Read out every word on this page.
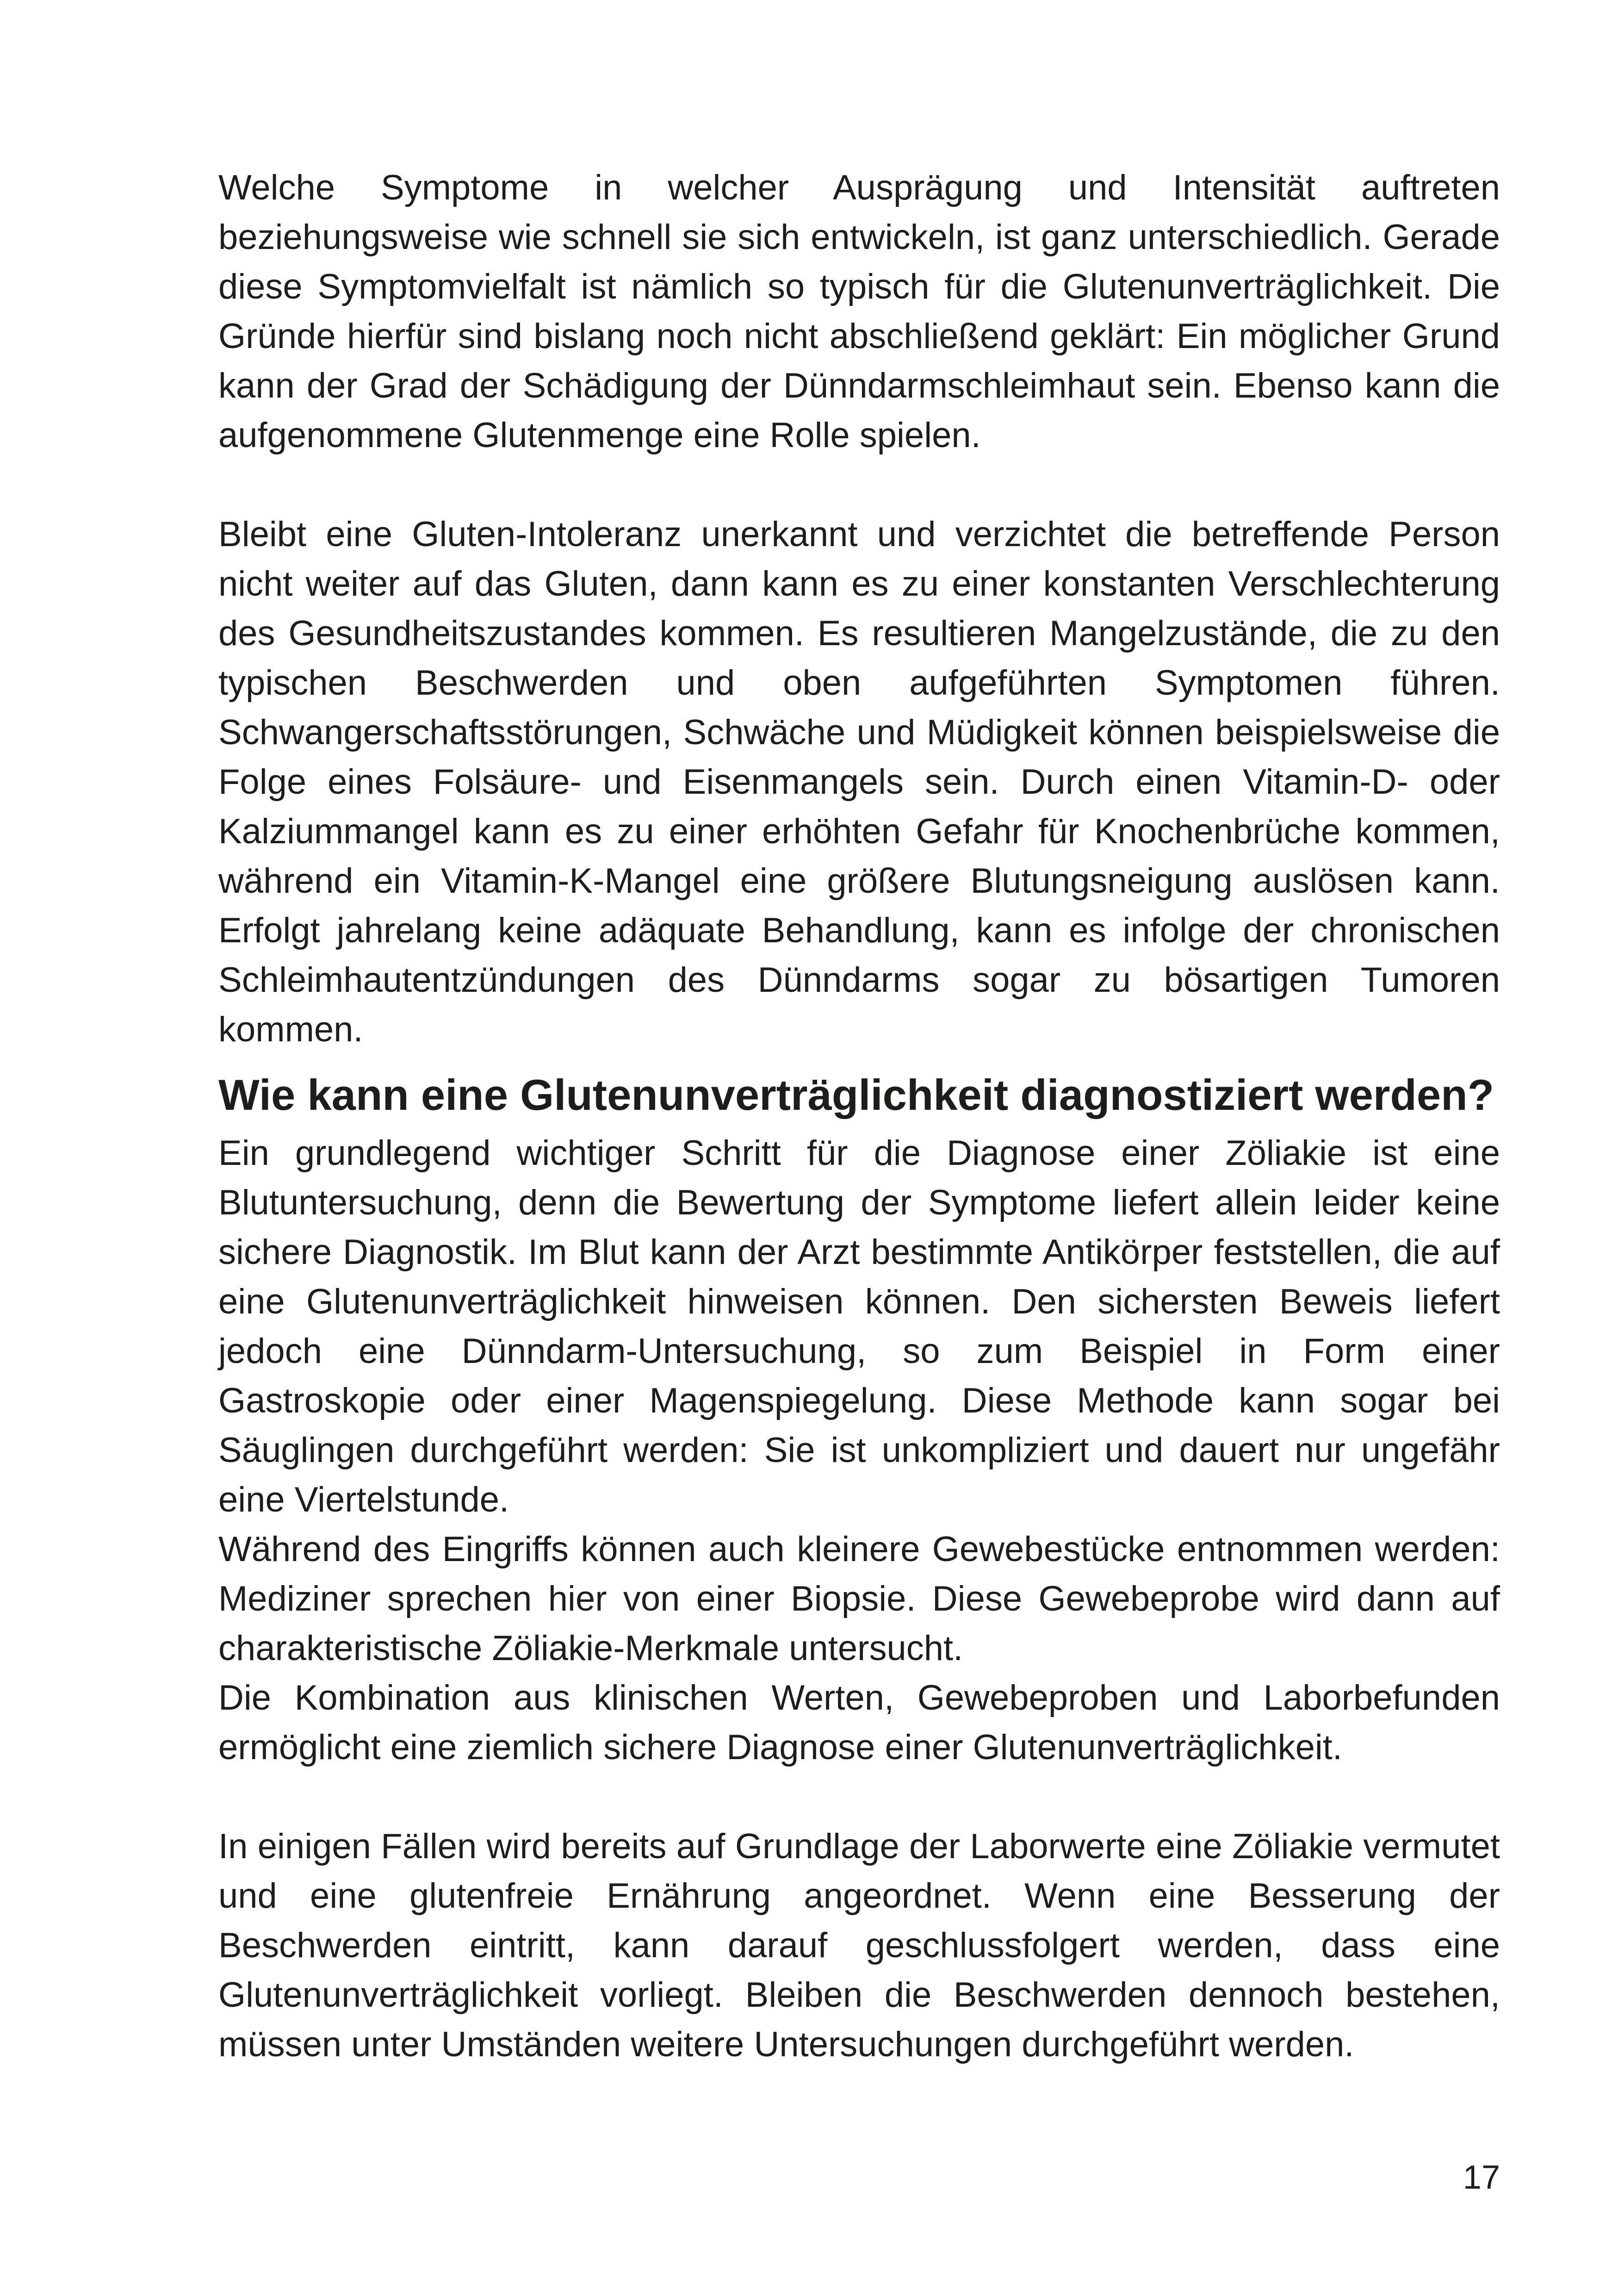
Welche Symptome in welcher Ausprägung und Intensität auftreten beziehungsweise wie schnell sie sich entwickeln, ist ganz unterschiedlich. Gerade diese Symptomvielfalt ist nämlich so typisch für die Glutenunverträglichkeit. Die Gründe hierfür sind bislang noch nicht abschließend geklärt: Ein möglicher Grund kann der Grad der Schädigung der Dünndarmschleimhaut sein. Ebenso kann die aufgenommene Glutenmenge eine Rolle spielen.

Bleibt eine Gluten-Intoleranz unerkannt und verzichtet die betreffende Person nicht weiter auf das Gluten, dann kann es zu einer konstanten Verschlechterung des Gesundheitszustandes kommen. Es resultieren Mangelzustände, die zu den typischen Beschwerden und oben aufgeführten Symptomen führen. Schwangerschaftsstörungen, Schwäche und Müdigkeit können beispielsweise die Folge eines Folsäure- und Eisenmangels sein. Durch einen Vitamin-D- oder Kalziummangel kann es zu einer erhöhten Gefahr für Knochenbrüche kommen, während ein Vitamin-K-Mangel eine größere Blutungsneigung auslösen kann. Erfolgt jahrelang keine adäquate Behandlung, kann es infolge der chronischen Schleimhautentzündungen des Dünndarms sogar zu bösartigen Tumoren kommen.

Wie kann eine Glutenunverträglichkeit diagnostiziert werden?

Ein grundlegend wichtiger Schritt für die Diagnose einer Zöliakie ist eine Blutuntersuchung, denn die Bewertung der Symptome liefert allein leider keine sichere Diagnostik. Im Blut kann der Arzt bestimmte Antikörper feststellen, die auf eine Glutenunverträglichkeit hinweisen können. Den sichersten Beweis liefert jedoch eine Dünndarm-Untersuchung, so zum Beispiel in Form einer Gastroskopie oder einer Magenspiegelung. Diese Methode kann sogar bei Säuglingen durchgeführt werden: Sie ist unkompliziert und dauert nur ungefähr eine Viertelstunde.

Während des Eingriffs können auch kleinere Gewebestücke entnommen werden: Mediziner sprechen hier von einer Biopsie. Diese Gewebeprobe wird dann auf charakteristische Zöliakie-Merkmale untersucht.

Die Kombination aus klinischen Werten, Gewebeproben und Laborbefunden ermöglicht eine ziemlich sichere Diagnose einer Glutenunverträglichkeit.

In einigen Fällen wird bereits auf Grundlage der Laborwerte eine Zöliakie vermutet und eine glutenfreie Ernährung angeordnet. Wenn eine Besserung der Beschwerden eintritt, kann darauf geschlussfolgert werden, dass eine Glutenunverträglichkeit vorliegt. Bleiben die Beschwerden dennoch bestehen, müssen unter Umständen weitere Untersuchungen durchgeführt werden.

17
